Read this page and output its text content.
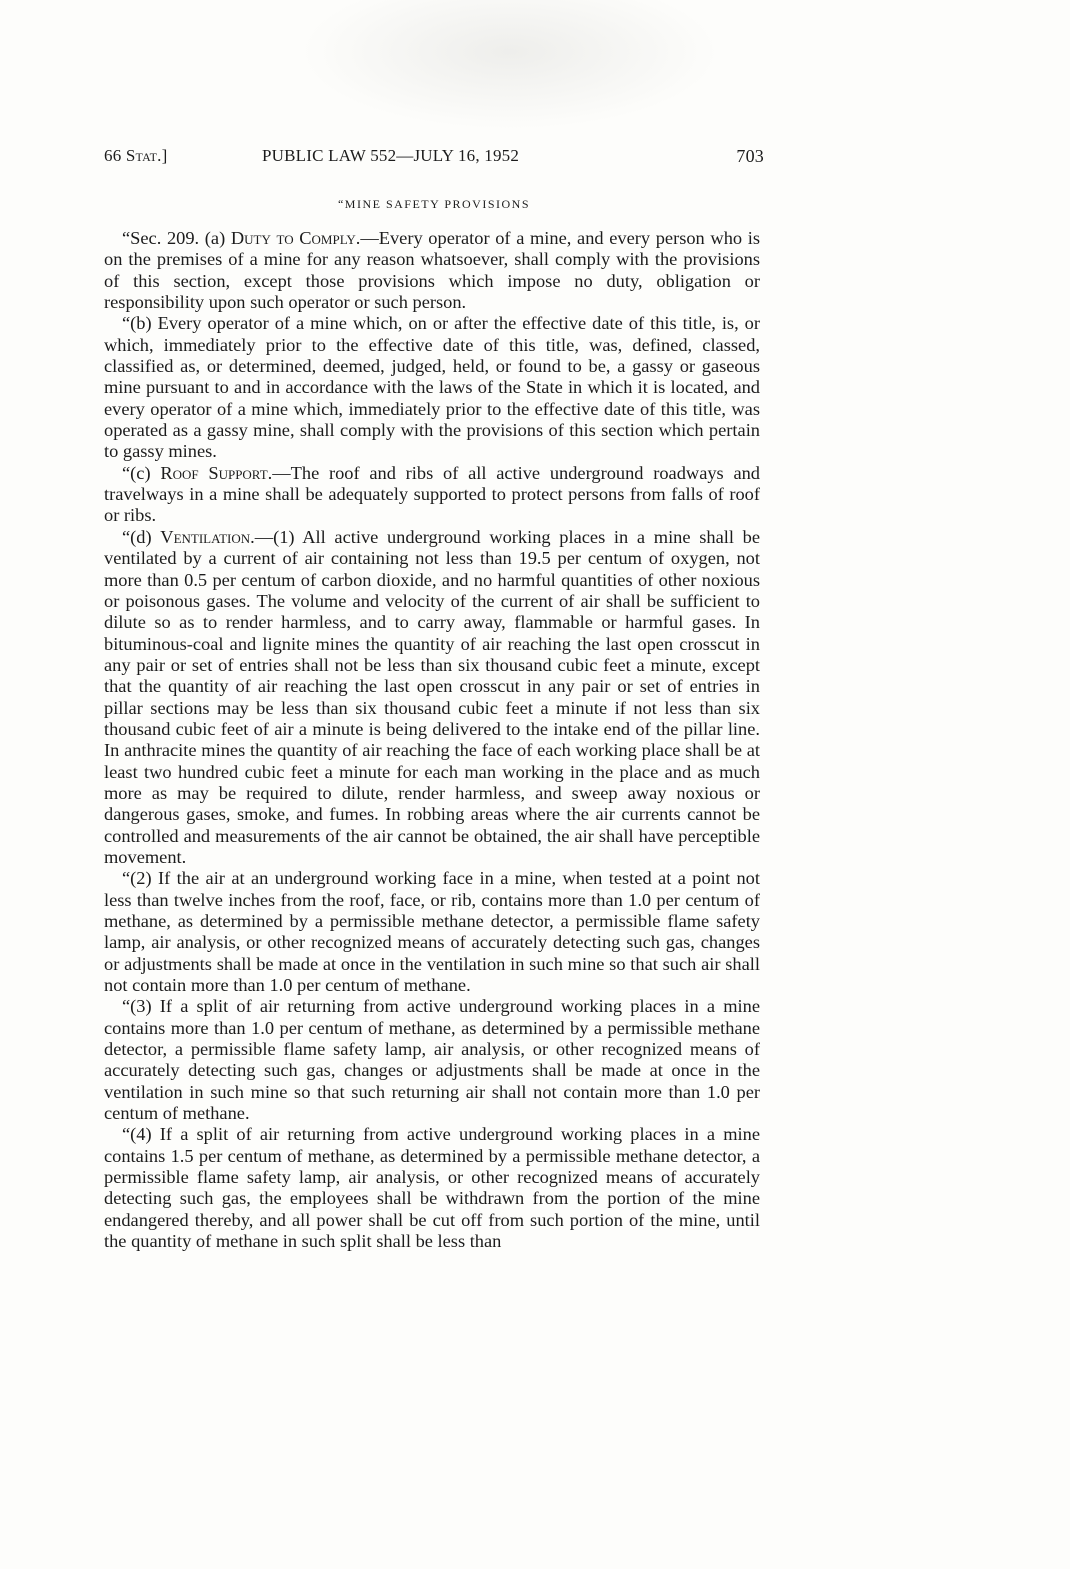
66 Stat.]	PUBLIC LAW 552—JULY 16, 1952	703
“MINE SAFETY PROVISIONS

“Sec. 209. (a) Duty to Comply.—Every operator of a mine, and every person who is on the premises of a mine for any reason whatsoever, shall comply with the provisions of this section, except those provisions which impose no duty, obligation or responsibility upon such operator or such person.

“(b) Every operator of a mine which, on or after the effective date of this title, is, or which, immediately prior to the effective date of this title, was, defined, classed, classified as, or determined, deemed, judged, held, or found to be, a gassy or gaseous mine pursuant to and in accordance with the laws of the State in which it is located, and every operator of a mine which, immediately prior to the effective date of this title, was operated as a gassy mine, shall comply with the provisions of this section which pertain to gassy mines.

“(c) Roof Support.—The roof and ribs of all active underground roadways and travelways in a mine shall be adequately supported to protect persons from falls of roof or ribs.

“(d) Ventilation.—(1) All active underground working places in a mine shall be ventilated by a current of air containing not less than 19.5 per centum of oxygen, not more than 0.5 per centum of carbon dioxide, and no harmful quantities of other noxious or poisonous gases. The volume and velocity of the current of air shall be sufficient to dilute so as to render harmless, and to carry away, flammable or harmful gases. In bituminous-coal and lignite mines the quantity of air reaching the last open crosscut in any pair or set of entries shall not be less than six thousand cubic feet a minute, except that the quantity of air reaching the last open crosscut in any pair or set of entries in pillar sections may be less than six thousand cubic feet a minute if not less than six thousand cubic feet of air a minute is being delivered to the intake end of the pillar line. In anthracite mines the quantity of air reaching the face of each working place shall be at least two hundred cubic feet a minute for each man working in the place and as much more as may be required to dilute, render harmless, and sweep away noxious or dangerous gases, smoke, and fumes. In robbing areas where the air currents cannot be controlled and measurements of the air cannot be obtained, the air shall have perceptible movement.

“(2) If the air at an underground working face in a mine, when tested at a point not less than twelve inches from the roof, face, or rib, contains more than 1.0 per centum of methane, as determined by a permissible methane detector, a permissible flame safety lamp, air analysis, or other recognized means of accurately detecting such gas, changes or adjustments shall be made at once in the ventilation in such mine so that such air shall not contain more than 1.0 per centum of methane.

“(3) If a split of air returning from active underground working places in a mine contains more than 1.0 per centum of methane, as determined by a permissible methane detector, a permissible flame safety lamp, air analysis, or other recognized means of accurately detecting such gas, changes or adjustments shall be made at once in the ventilation in such mine so that such returning air shall not contain more than 1.0 per centum of methane.

“(4) If a split of air returning from active underground working places in a mine contains 1.5 per centum of methane, as determined by a permissible methane detector, a permissible flame safety lamp, air analysis, or other recognized means of accurately detecting such gas, the employees shall be withdrawn from the portion of the mine endangered thereby, and all power shall be cut off from such portion of the mine, until the quantity of methane in such split shall be less than
